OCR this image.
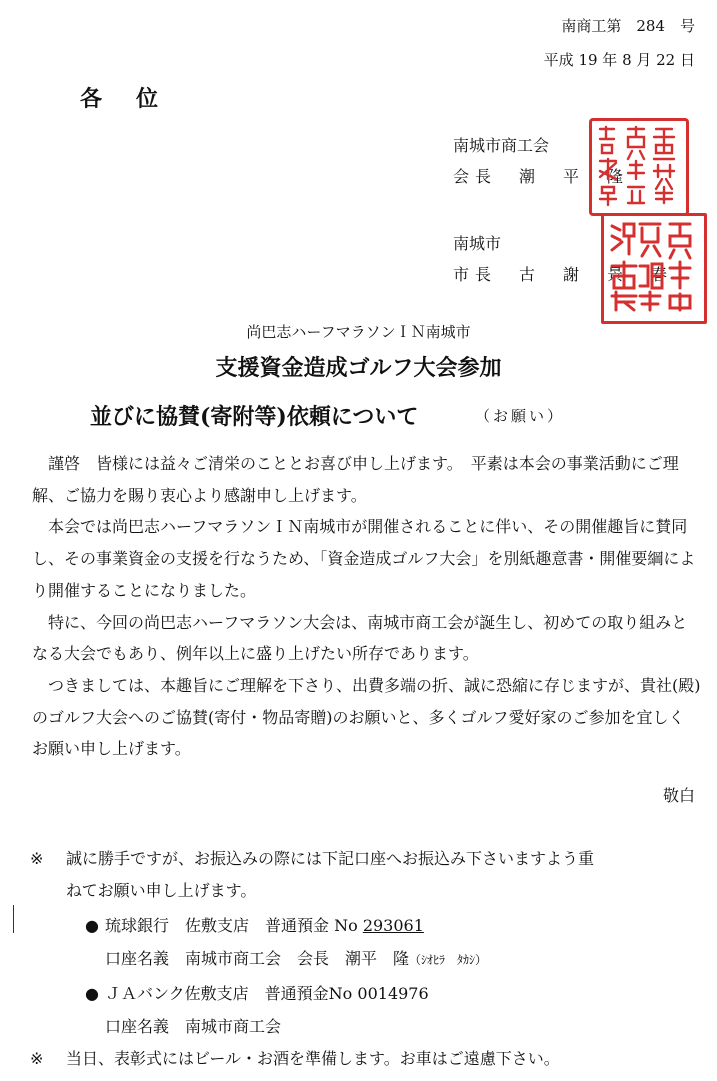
南商工第　284　号
平成 19 年 8 月 22 日
各位
南城市商工会
会長　潮　平　隆
南城市
市長　古　謝　景　春
尚巴志ハーフマラソンＩＮ南城市
支援資金造成ゴルフ大会参加
並びに協賛(寄附等)依頼について	（お願い）

　謹啓　皆様には益々ご清栄のこととお喜び申し上げます。　平素は本会の事業活動にご理

解、ご協力を賜り衷心より感謝申し上げます。

　本会では尚巴志ハーフマラソンＩＮ南城市が開催されることに伴い、その開催趣旨に賛同

し、その事業資金の支援を行なうため、「資金造成ゴルフ大会」を別紙趣意書・開催要綱によ

り開催することになりました。

　特に、今回の尚巴志ハーフマラソン大会は、南城市商工会が誕生し、初めての取り組みと

なる大会でもあり、例年以上に盛り上げたい所存であります。

　つきましては、本趣旨にご理解を下さり、出費多端の折、誠に恐縮に存じますが、貴社(殿)

のゴルフ大会へのご協賛(寄付・物品寄贈)のお願いと、多くゴルフ愛好家のご参加を宜しく

お願い申し上げます。

敬白
※ 誠に勝手ですが、お振込みの際には下記口座へお振込み下さいますよう重
ねてお願い申し上げます。
● 琉球銀行　佐敷支店　普通預金 No 293061
口座名義　南城市商工会　会長　潮平　隆（ｼｵﾋﾗ　ﾀｶｼ）
● ＪＡバンク佐敷支店　普通預金No 0014976
口座名義　南城市商工会
※ 当日、表彰式にはビール・お酒を準備します。お車はご遠慮下さい。
